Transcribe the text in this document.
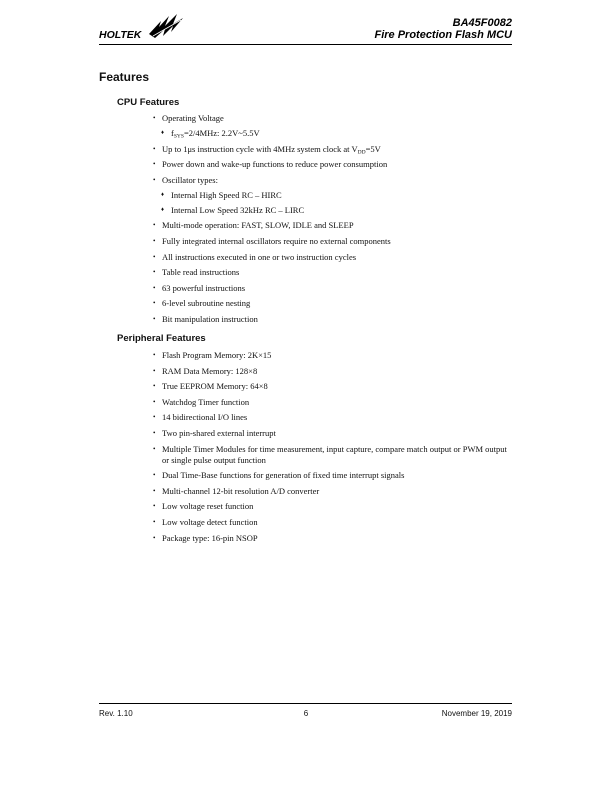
HOLTEK
BA45F0082
Fire Protection Flash MCU
Features
CPU Features
• Operating Voltage
♦ $f_{SYS}=2/4MHz$: 2.2V~5.5V
• Up to 1μs instruction cycle with 4MHz system clock at $V_{DD}=5V$
• Power down and wake-up functions to reduce power consumption
• Oscillator types:
♦ Internal High Speed RC – HIRC
♦ Internal Low Speed 32kHz RC – LIRC
• Multi-mode operation: FAST, SLOW, IDLE and SLEEP
• Fully integrated internal oscillators require no external components
• All instructions executed in one or two instruction cycles
• Table read instructions
• 63 powerful instructions
• 6-level subroutine nesting
• Bit manipulation instruction
Peripheral Features
• Flash Program Memory: 2K×15
• RAM Data Memory: 128×8
• True EEPROM Memory: 64×8
• Watchdog Timer function
• 14 bidirectional I/O lines
• Two pin-shared external interrupt
• Multiple Timer Modules for time measurement, input capture, compare match output or PWM output or single pulse output function
• Dual Time-Base functions for generation of fixed time interrupt signals
• Multi-channel 12-bit resolution A/D converter
• Low voltage reset function
• Low voltage detect function
• Package type: 16-pin NSOP
Rev. 1.10	6	November 19, 2019
